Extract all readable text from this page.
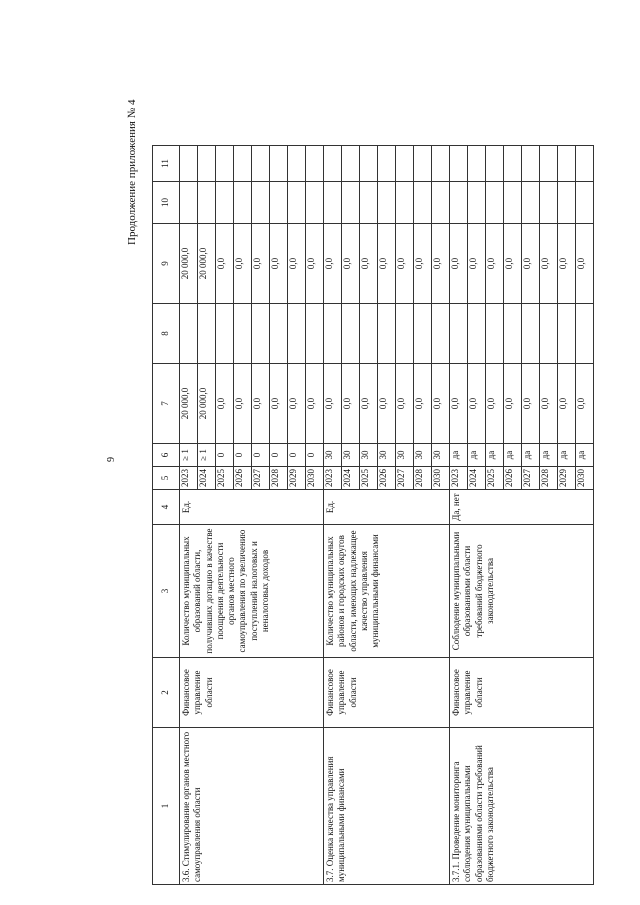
9
Продолжение приложения № 4
1	2	3	4	5	6	7	8	9	10	11
3.6. Стимулирование органов местного самоуправления области	Финансовое управление области	Количество муниципальных образований области, получивших дотацию в качестве поощрения деятельности органов местного самоуправления по увеличению поступлений налоговых и неналоговых доходов	Ед.	2023	≥ 1	20 000,0		20 000,0		
				2024	≥ 1	20 000,0		20 000,0		
				2025	0	0,0		0,0		
				2026	0	0,0		0,0		
				2027	0	0,0		0,0		
				2028	0	0,0		0,0		
				2029	0	0,0		0,0		
				2030	0	0,0		0,0		
3.7. Оценка качества управления муниципальными финансами	Финансовое управление области	Количество муниципальных районов и городских округов области, имеющих надлежащее качество управления муниципальными финансами	Ед.	2023	30	0,0		0,0		
				2024	30	0,0		0,0		
				2025	30	0,0		0,0		
				2026	30	0,0		0,0		
				2027	30	0,0		0,0		
				2028	30	0,0		0,0		
				2030	30	0,0		0,0		
3.7.1. Проведение мониторинга соблюдения муниципальными образованиями области требований бюджетного законодательства	Финансовое управление области	Соблюдение муниципальными образованиями области требований бюджетного законодательства	Да, нет	2023	да	0,0		0,0		
				2024	да	0,0		0,0		
				2025	да	0,0		0,0		
				2026	да	0,0		0,0		
				2027	да	0,0		0,0		
				2028	да	0,0		0,0		
				2029	да	0,0		0,0		
				2030	да	0,0		0,0		
